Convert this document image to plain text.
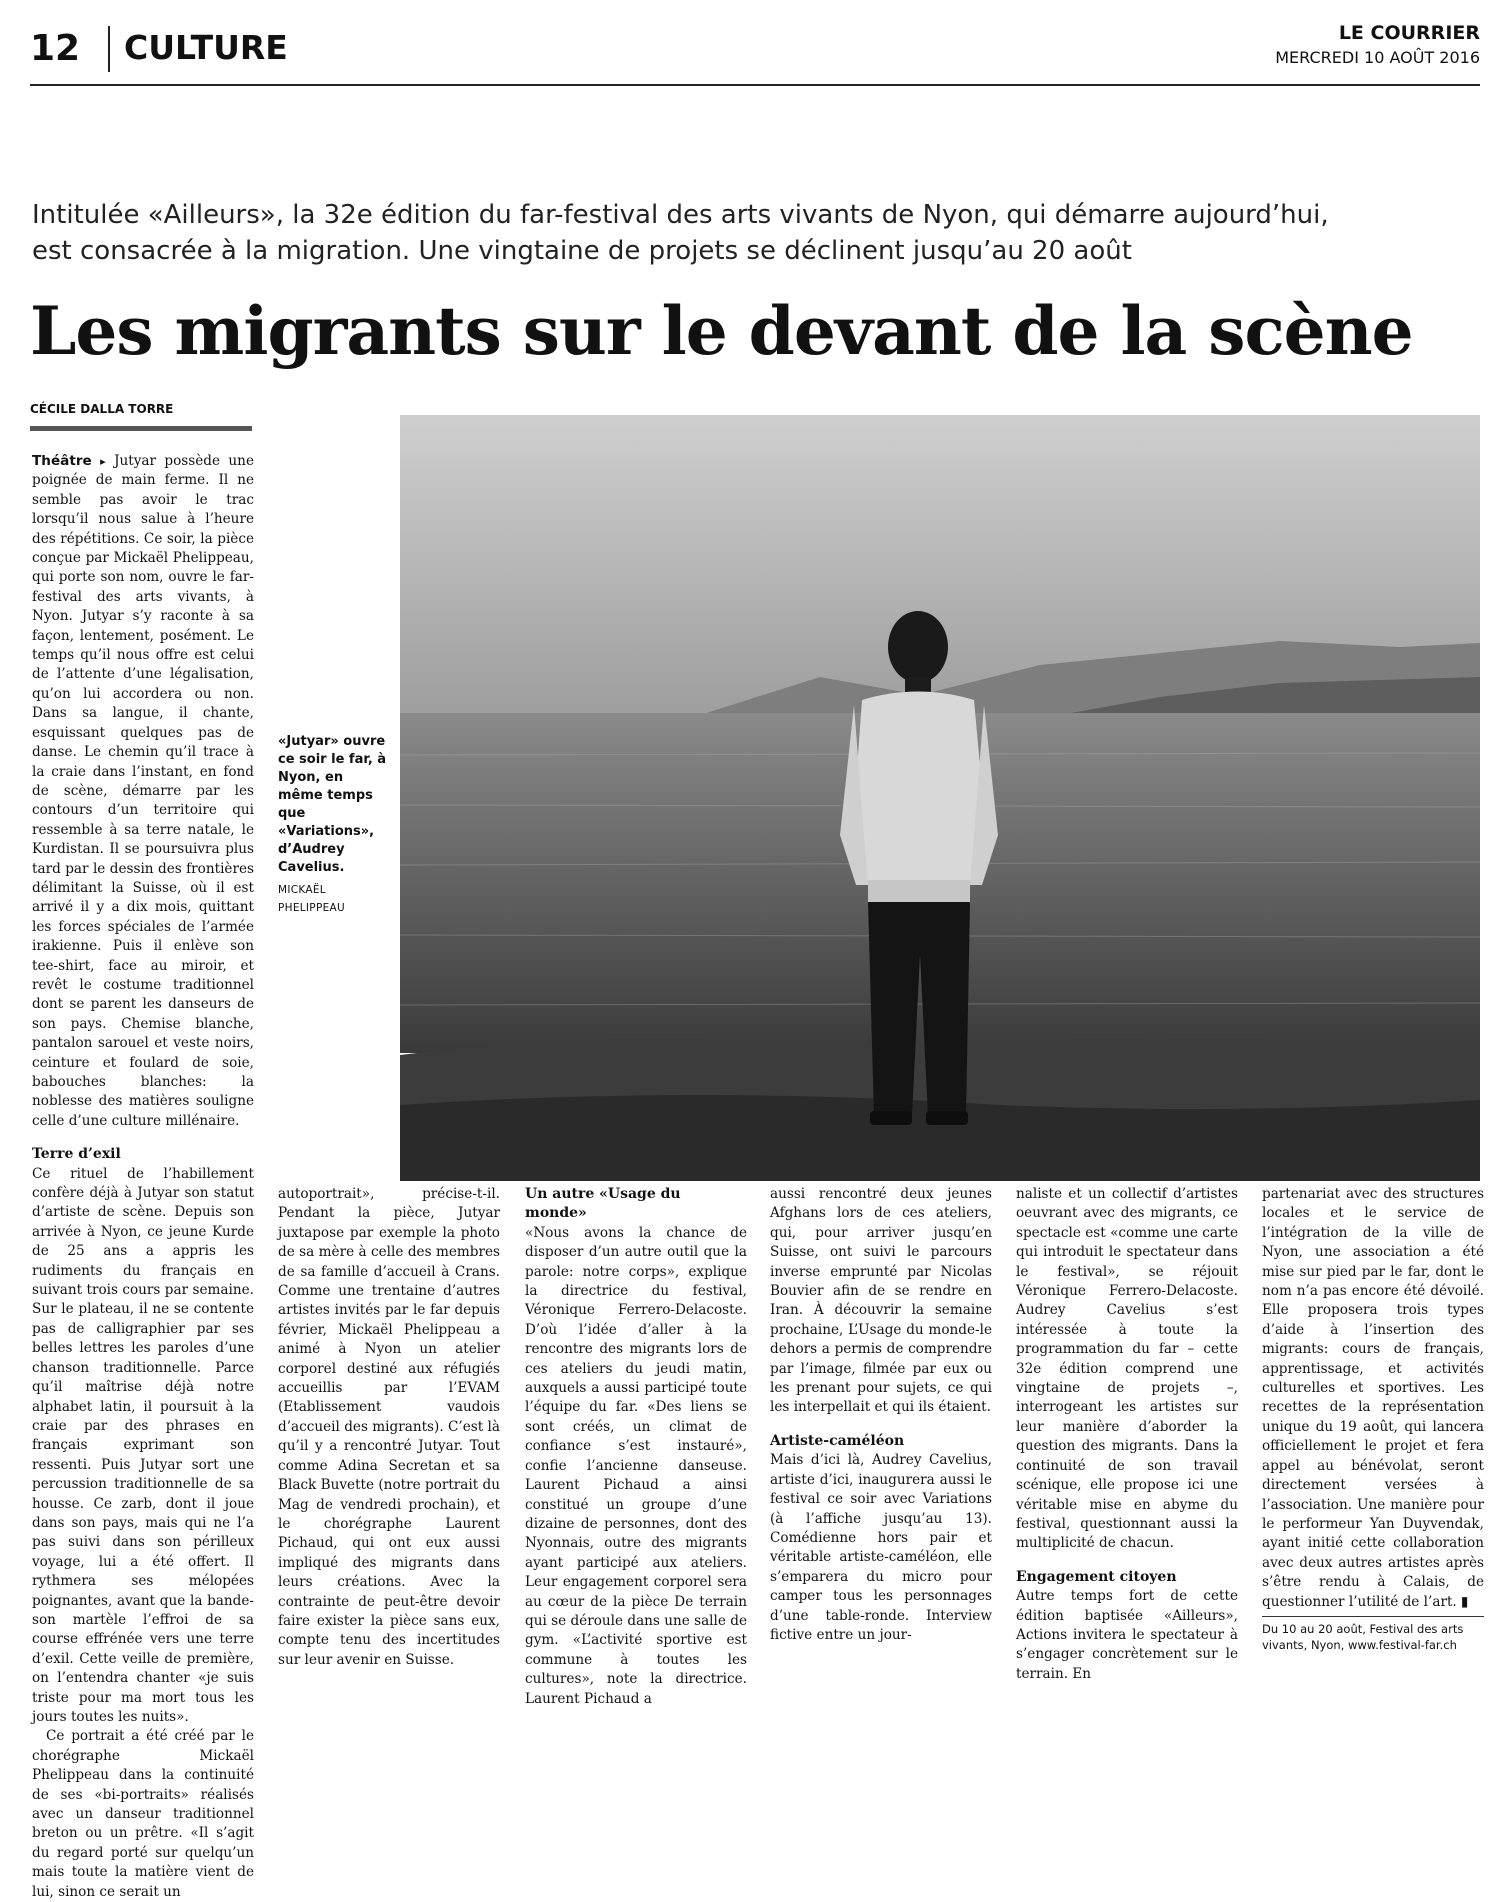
12 CULTURE	LE COURRIER
MERCREDI 10 AOÛT 2016
Intitulée «Ailleurs», la 32e édition du far-festival des arts vivants de Nyon, qui démarre aujourd’hui,
est consacrée à la migration. Une vingtaine de projets se déclinent jusqu’au 20 août
Les migrants sur le devant de la scène
CÉCILE DALLA TORRE
«Jutyar» ouvre ce soir le far, à Nyon, en même temps que «Variations», d’Audrey Cavelius.
MICKAËL PHELIPPEAU

Théâtre ▸ Jutyar possède une poignée de main ferme. Il ne semble pas avoir le trac lorsqu’il nous salue à l’heure des répétitions. Ce soir, la pièce conçue par Mickaël Phelippeau, qui porte son nom, ouvre le far-festival des arts vivants, à Nyon. Jutyar s’y raconte à sa façon, lentement, posément. Le temps qu’il nous offre est celui de l’attente d’une légalisation, qu’on lui accordera ou non. Dans sa langue, il chante, esquissant quelques pas de danse. Le chemin qu’il trace à la craie dans l’instant, en fond de scène, démarre par les contours d’un territoire qui ressemble à sa terre natale, le Kurdistan. Il se poursuivra plus tard par le dessin des frontières délimitant la Suisse, où il est arrivé il y a dix mois, quittant les forces spéciales de l’armée irakienne. Puis il enlève son tee-shirt, face au miroir, et revêt le costume traditionnel dont se parent les danseurs de son pays. Chemise blanche, pantalon sarouel et veste noirs, ceinture et foulard de soie, babouches blanches: la noblesse des matières souligne celle d’une culture millénaire.

Terre d’exil

Ce rituel de l’habillement confère déjà à Jutyar son statut d’artiste de scène. Depuis son arrivée à Nyon, ce jeune Kurde de 25 ans a appris les rudiments du français en suivant trois cours par semaine. Sur le plateau, il ne se contente pas de calligraphier par ses belles lettres les paroles d’une chanson traditionnelle. Parce qu’il maîtrise déjà notre alphabet latin, il poursuit à la craie par des phrases en français exprimant son ressenti. Puis Jutyar sort une percussion traditionnelle de sa housse. Ce zarb, dont il joue dans son pays, mais qui ne l’a pas suivi dans son périlleux voyage, lui a été offert. Il rythmera ses mélopées poignantes, avant que la bande-son martèle l’effroi de sa course effrénée vers une terre d’exil. Cette veille de première, on l’entendra chanter «je suis triste pour ma mort tous les jours toutes les nuits».

Ce portrait a été créé par le chorégraphe Mickaël Phelippeau dans la continuité de ses «bi-portraits» réalisés avec un danseur traditionnel breton ou un prêtre. «Il s’agit du regard porté sur quelqu’un mais toute la matière vient de lui, sinon ce serait un

autoportrait», précise-t-il. Pendant la pièce, Jutyar juxtapose par exemple la photo de sa mère à celle des membres de sa famille d’accueil à Crans. Comme une trentaine d’autres artistes invités par le far depuis février, Mickaël Phelippeau a animé à Nyon un atelier corporel destiné aux réfugiés accueillis par l’EVAM (Etablissement vaudois d’accueil des migrants). C’est là qu’il y a rencontré Jutyar. Tout comme Adina Secretan et sa Black Buvette (notre portrait du Mag de vendredi prochain), et le chorégraphe Laurent Pichaud, qui ont eux aussi impliqué des migrants dans leurs créations. Avec la contrainte de peut-être devoir faire exister la pièce sans eux, compte tenu des incertitudes sur leur avenir en Suisse.

Un autre «Usage du monde»

«Nous avons la chance de disposer d’un autre outil que la parole: notre corps», explique la directrice du festival, Véronique Ferrero-Delacoste. D’où l’idée d’aller à la rencontre des migrants lors de ces ateliers du jeudi matin, auxquels a aussi participé toute l’équipe du far. «Des liens se sont créés, un climat de confiance s’est instauré», confie l’ancienne danseuse. Laurent Pichaud a ainsi constitué un groupe d’une dizaine de personnes, dont des Nyonnais, outre des migrants ayant participé aux ateliers. Leur engagement corporel sera au cœur de la pièce De terrain qui se déroule dans une salle de gym. «L’activité sportive est commune à toutes les cultures», note la directrice. Laurent Pichaud a

aussi rencontré deux jeunes Afghans lors de ces ateliers, qui, pour arriver jusqu’en Suisse, ont suivi le parcours inverse emprunté par Nicolas Bouvier afin de se rendre en Iran. À découvrir la semaine prochaine, L’Usage du monde-le dehors a permis de comprendre par l’image, filmée par eux ou les prenant pour sujets, ce qui les interpellait et qui ils étaient.

Artiste-caméléon

Mais d’ici là, Audrey Cavelius, artiste d’ici, inaugurera aussi le festival ce soir avec Variations (à l’affiche jusqu’au 13). Comédienne hors pair et véritable artiste-caméléon, elle s’emparera du micro pour camper tous les personnages d’une table-ronde. Interview fictive entre un jour-

naliste et un collectif d’artistes oeuvrant avec des migrants, ce spectacle est «comme une carte qui introduit le spectateur dans le festival», se réjouit Véronique Ferrero-Delacoste. Audrey Cavelius s’est intéressée à toute la programmation du far – cette 32e édition comprend une vingtaine de projets –, interrogeant les artistes sur leur manière d’aborder la question des migrants. Dans la continuité de son travail scénique, elle propose ici une véritable mise en abyme du festival, questionnant aussi la multiplicité de chacun.

Engagement citoyen

Autre temps fort de cette édition baptisée «Ailleurs», Actions invitera le spectateur à s’engager concrètement sur le terrain. En

partenariat avec des structures locales et le service de l’intégration de la ville de Nyon, une association a été mise sur pied par le far, dont le nom n’a pas encore été dévoilé. Elle proposera trois types d’aide à l’insertion des migrants: cours de français, apprentissage, et activités culturelles et sportives. Les recettes de la représentation unique du 19 août, qui lancera officiellement le projet et fera appel au bénévolat, seront directement versées à l’association. Une manière pour le performeur Yan Duyvendak, ayant initié cette collaboration avec deux autres artistes après s’être rendu à Calais, de questionner l’utilité de l’art. ▮

Du 10 au 20 août, Festival des arts vivants, Nyon, www.festival-far.ch
